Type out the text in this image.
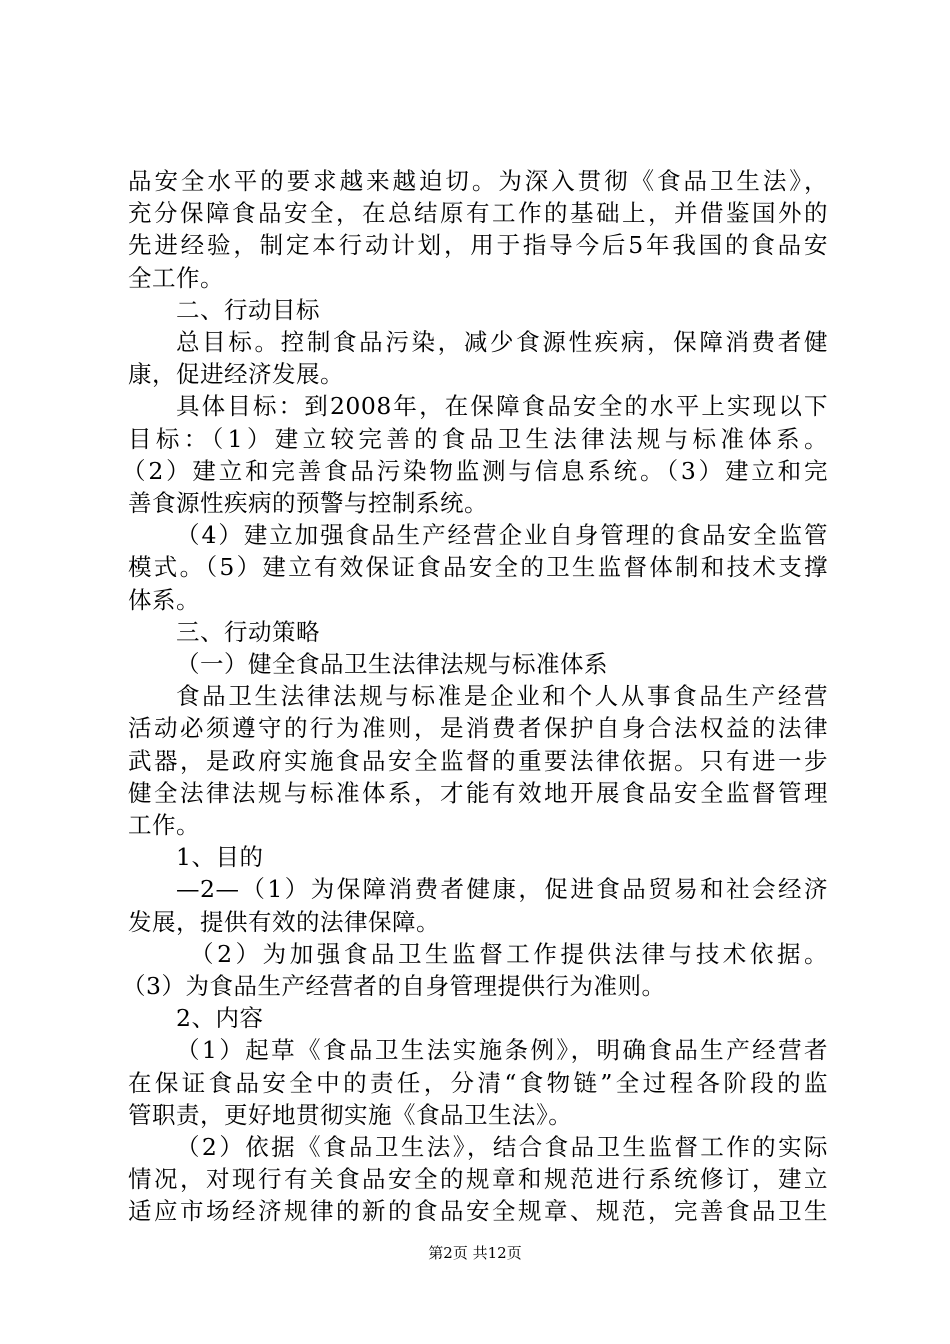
品安全水平的要求越来越迫切。为深入贯彻《食品卫生法》，
充分保障食品安全，在总结原有工作的基础上，并借鉴国外的
先进经验，制定本行动计划，用于指导今后5年我国的食品安
全工作。
二、行动目标
总目标。控制食品污染，减少食源性疾病，保障消费者健
康，促进经济发展。
具体目标：到2008年，在保障食品安全的水平上实现以下
目标：（1）建立较完善的食品卫生法律法规与标准体系。
（2）建立和完善食品污染物监测与信息系统。（3）建立和完
善食源性疾病的预警与控制系统。
（4）建立加强食品生产经营企业自身管理的食品安全监管
模式。（5）建立有效保证食品安全的卫生监督体制和技术支撑
体系。
三、行动策略
（一）健全食品卫生法律法规与标准体系
食品卫生法律法规与标准是企业和个人从事食品生产经营
活动必须遵守的行为准则，是消费者保护自身合法权益的法律
武器，是政府实施食品安全监督的重要法律依据。只有进一步
健全法律法规与标准体系，才能有效地开展食品安全监督管理
工作。
1、目的
—2—（1）为保障消费者健康，促进食品贸易和社会经济
发展，提供有效的法律保障。
（2）为加强食品卫生监督工作提供法律与技术依据。
（3）为食品生产经营者的自身管理提供行为准则。
2、内容
（1）起草《食品卫生法实施条例》，明确食品生产经营者
在保证食品安全中的责任，分清“食物链”全过程各阶段的监
管职责，更好地贯彻实施《食品卫生法》。
（2）依据《食品卫生法》，结合食品卫生监督工作的实际
情况，对现行有关食品安全的规章和规范进行系统修订，建立
适应市场经济规律的新的食品安全规章、规范，完善食品卫生
第2页 共12页
